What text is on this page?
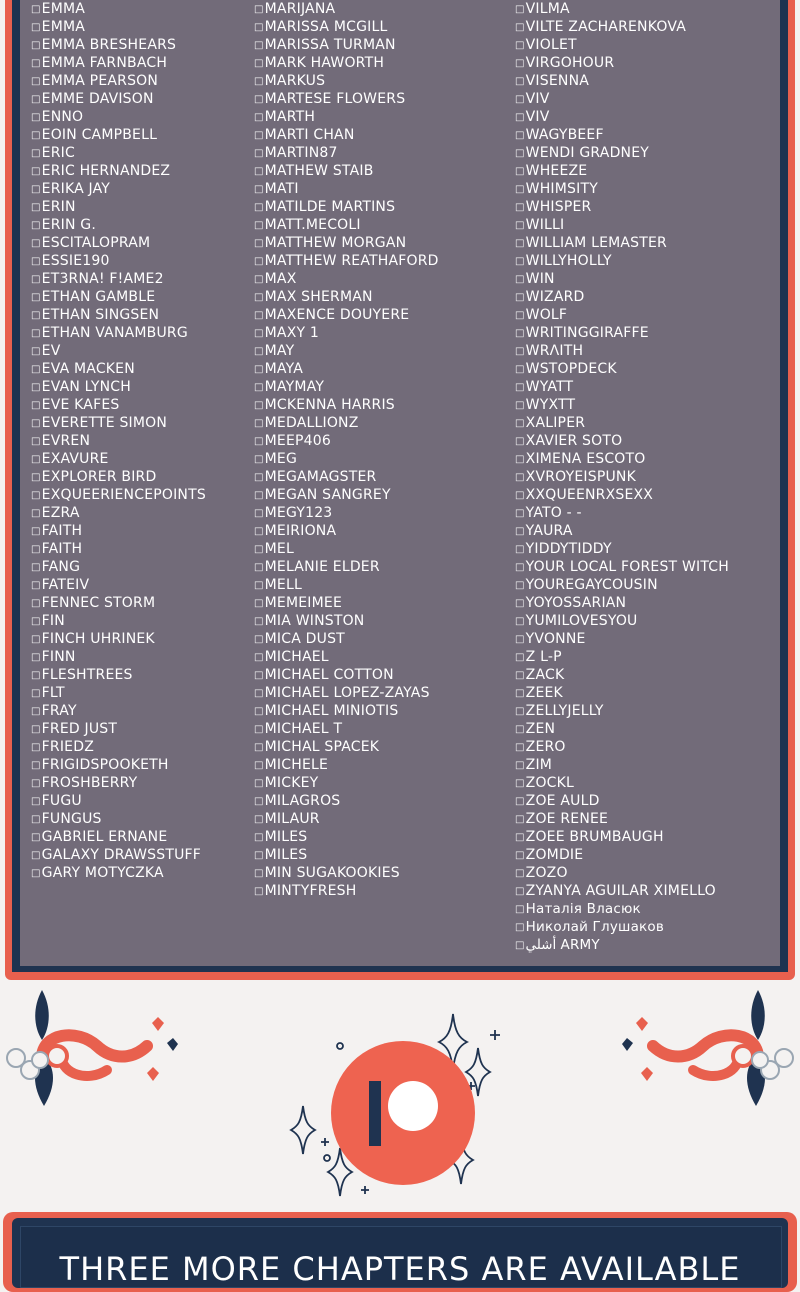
□EMMA
□EMMA
□EMMA BRESHEARS
□EMMA FARNBACH
□EMMA PEARSON
□EMME DAVISON
□ENNO
□EOIN CAMPBELL
□ERIC
□ERIC HERNANDEZ
□ERIKA JAY
□ERIN
□ERIN G.
□ESCITALOPRAM
□ESSIE190
□ET3RNA! F!AME2
□ETHAN GAMBLE
□ETHAN SINGSEN
□ETHAN VANAMBURG
□EV
□EVA MACKEN
□EVAN LYNCH
□EVE KAFES
□EVERETTE SIMON
□EVREN
□EXAVURE
□EXPLORER BIRD
□EXQUEERIENCEPOINTS
□EZRA
□FAITH
□FAITH
□FANG
□FATEIV
□FENNEC STORM
□FIN
□FINCH UHRINEK
□FINN
□FLESHTREES
□FLT
□FRAY
□FRED JUST
□FRIEDZ
□FRIGIDSPOOKETH
□FROSHBERRY
□FUGU
□FUNGUS
□GABRIEL ERNANE
□GALAXY DRAWSSTUFF
□GARY MOTYCZKA
□MARIJANA
□MARISSA MCGILL
□MARISSA TURMAN
□MARK HAWORTH
□MARKUS
□MARTESE FLOWERS
□MARTH
□MARTI CHAN
□MARTIN87
□MATHEW STAIB
□MATI
□MATILDE MARTINS
□MATT.MECOLI
□MATTHEW MORGAN
□MATTHEW REATHAFORD
□MAX
□MAX SHERMAN
□MAXENCE DOUYERE
□MAXY 1
□MAY
□MAYA
□MAYMAY
□MCKENNA HARRIS
□MEDALLIONZ
□MEEP406
□MEG
□MEGAMAGSTER
□MEGAN SANGREY
□MEGY123
□MEIRIONA
□MEL
□MELANIE ELDER
□MELL
□MEMEIMEE
□MIA WINSTON
□MICA DUST
□MICHAEL
□MICHAEL COTTON
□MICHAEL LOPEZ-ZAYAS
□MICHAEL MINIOTIS
□MICHAEL T
□MICHAL SPACEK
□MICHELE
□MICKEY
□MILAGROS
□MILAUR
□MILES
□MILES
□MIN SUGAKOOKIES
□MINTYFRESH
□VILMA
□VILTE ZACHARENKOVA
□VIOLET
□VIRGOHOUR
□VISENNA
□VIV
□VIV
□WAGYBEEF
□WENDI GRADNEY
□WHEEZE
□WHIMSITY
□WHISPER
□WILLI
□WILLIAM LEMASTER
□WILLYHOLLY
□WIN
□WIZARD
□WOLF
□WRITINGGIRAFFE
□WRΛITH
□WSTOPDECK
□WYATT
□WYXTT
□XALIPER
□XAVIER SOTO
□XIMENA ESCOTO
□XVROYEISPUNK
□XXQUEENRXSEXX
□YATO - -
□YAURA
□YIDDYTIDDY
□YOUR LOCAL FOREST WITCH
□YOUREGAYCOUSIN
□YOYOSSARIAN
□YUMILOVESYOU
□YVONNE
□Z L-P
□ZACK
□ZEEK
□ZELLYJELLY
□ZEN
□ZERO
□ZIM
□ZOCKL
□ZOE AULD
□ZOE RENEE
□ZOEE BRUMBAUGH
□ZOMDIE
□ZOZO
□ZYANYA AGUILAR XIMELLO
□Наталія Власюк
□Николай Глушаков
□أشلي ARMY
THREE MORE CHAPTERS ARE AVAILABLE
